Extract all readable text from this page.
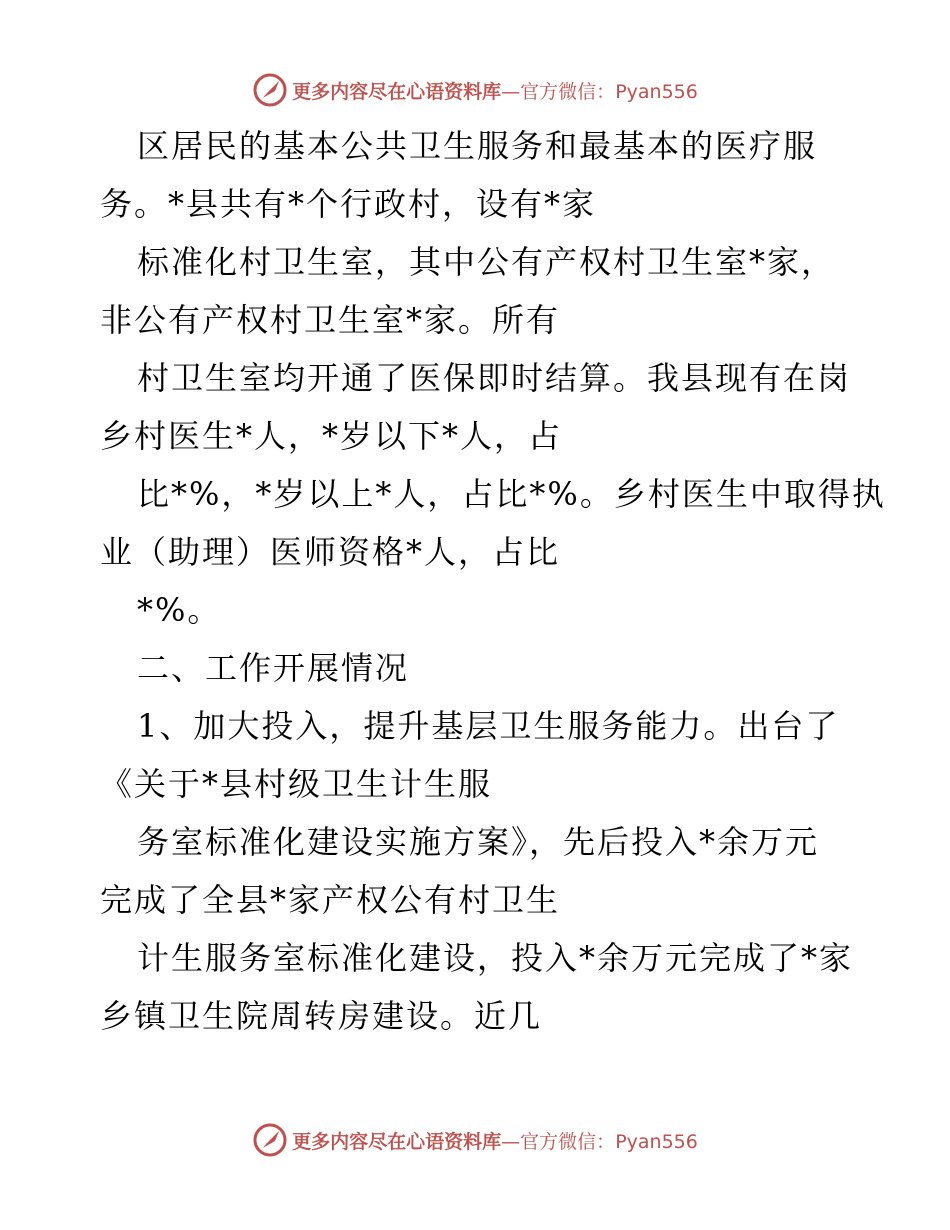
更多内容尽在心语资料库—官方微信：Pyan556
区居民的基本公共卫生服务和最基本的医疗服
务。*县共有*个行政村，设有*家
标准化村卫生室，其中公有产权村卫生室*家，
非公有产权村卫生室*家。所有
村卫生室均开通了医保即时结算。我县现有在岗
乡村医生*人，*岁以下*人，占
比*%，*岁以上*人，占比*%。乡村医生中取得执
业（助理）医师资格*人，占比
*%。
二、工作开展情况
1、加大投入，提升基层卫生服务能力。出台了
《关于*县村级卫生计生服
务室标准化建设实施方案》，先后投入*余万元
完成了全县*家产权公有村卫生
计生服务室标准化建设，投入*余万元完成了*家
乡镇卫生院周转房建设。近几
更多内容尽在心语资料库—官方微信：Pyan556
